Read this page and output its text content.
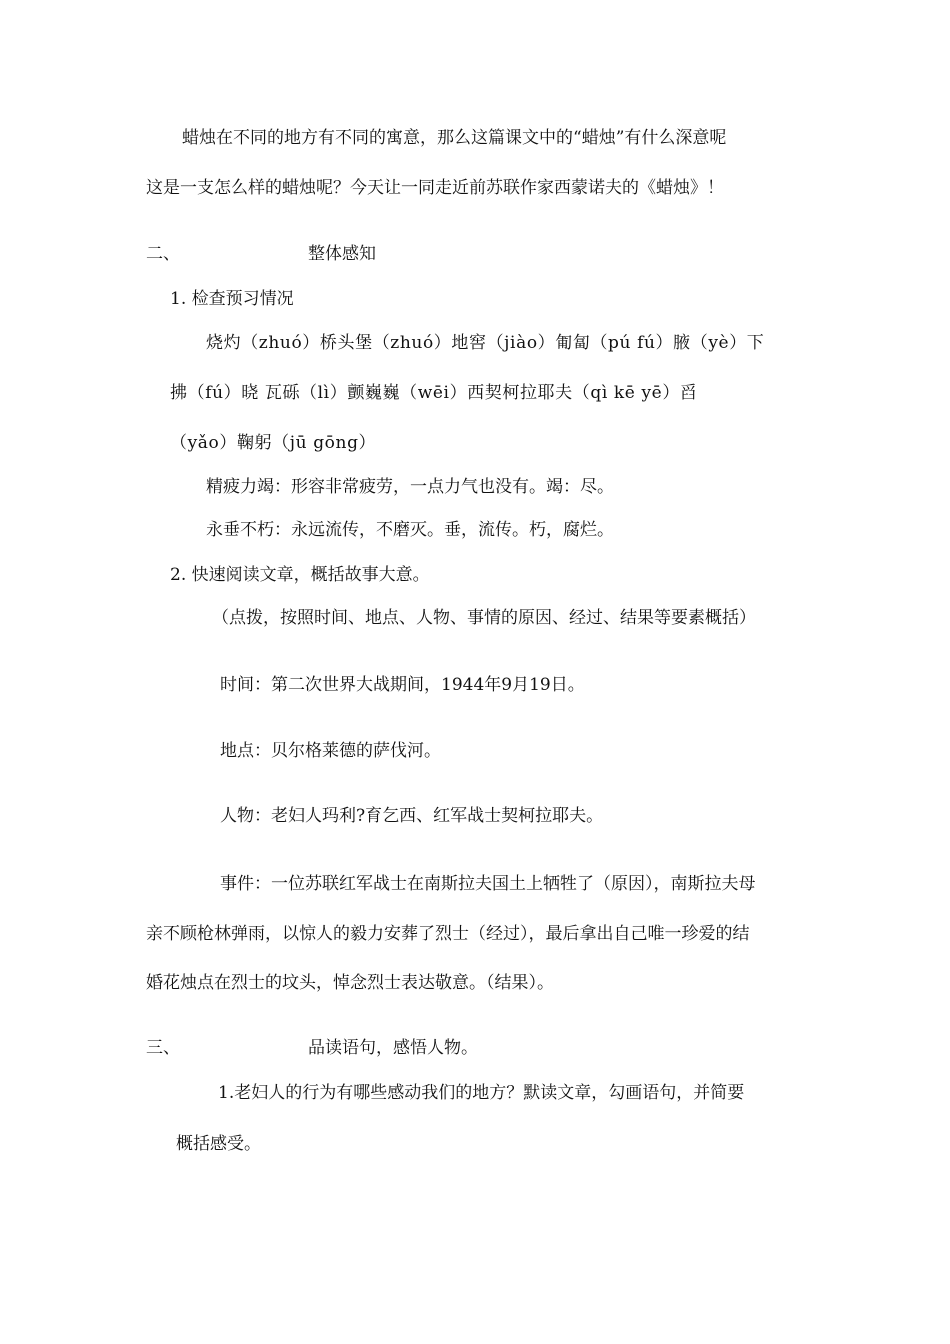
蜡烛在不同的地方有不同的寓意，那么这篇课文中的“蜡烛”有什么深意呢
这是一支怎么样的蜡烛呢？今天让一同走近前苏联作家西蒙诺夫的《蜡烛》！
二、	整体感知
1. 检查预习情况
烧灼（zhuó）桥头堡（zhuó）地窖（jiào）匍匐（pú fú）腋（yè）下
拂（fú）晓 瓦砾（lì）颤巍巍（wēi）西契柯拉耶夫（qì kē yē）舀
（yǎo）鞠躬（jū gōng）
精疲力竭：形容非常疲劳，一点力气也没有。竭：尽。
永垂不朽：永远流传，不磨灭。垂，流传。朽，腐烂。
2. 快速阅读文章，概括故事大意。
（点拨，按照时间、地点、人物、事情的原因、经过、结果等要素概括）
时间：第二次世界大战期间，1944年9月19日。
地点：贝尔格莱德的萨伐河。
人物：老妇人玛利?育乞西、红军战士契柯拉耶夫。
事件：一位苏联红军战士在南斯拉夫国土上牺牲了（原因），南斯拉夫母
亲不顾枪林弹雨，以惊人的毅力安葬了烈士（经过），最后拿出自己唯一珍爱的结
婚花烛点在烈士的坟头，悼念烈士表达敬意。（结果）。
三、	品读语句，感悟人物。
1.老妇人的行为有哪些感动我们的地方？默读文章，勾画语句，并简要
概括感受。
